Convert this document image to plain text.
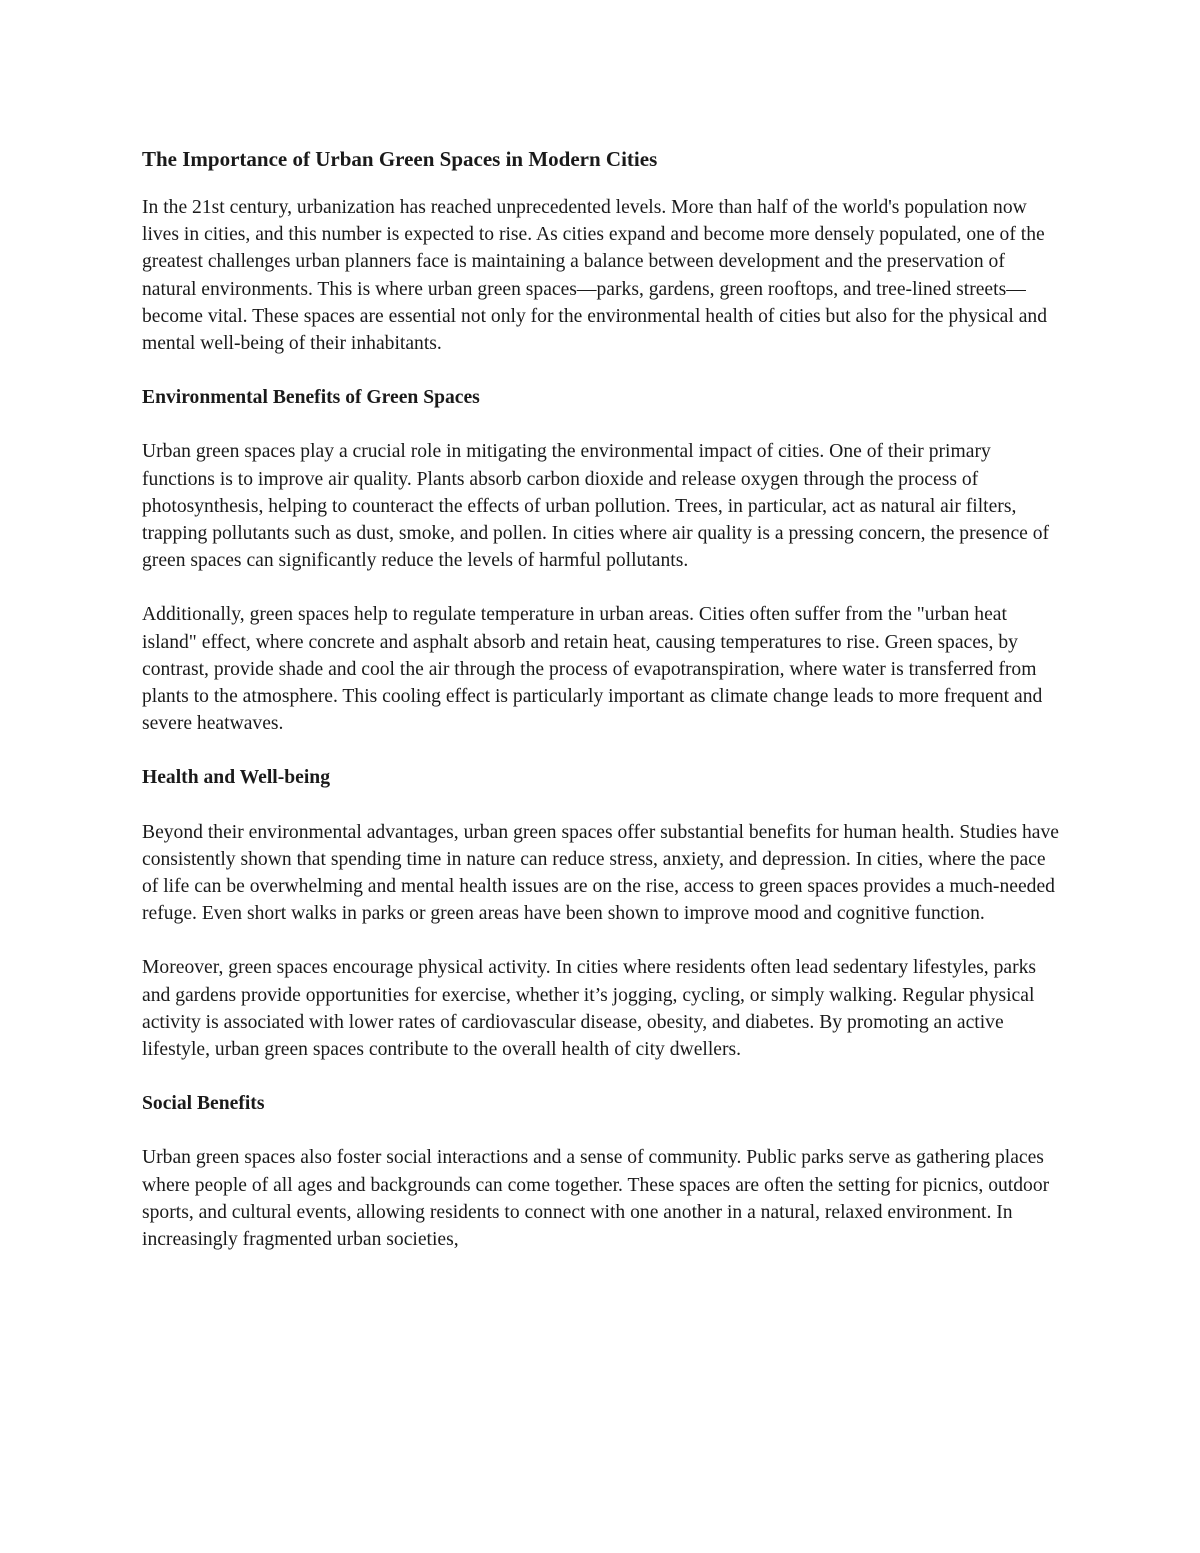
The Importance of Urban Green Spaces in Modern Cities

In the 21st century, urbanization has reached unprecedented levels. More than half of the world's population now lives in cities, and this number is expected to rise. As cities expand and become more densely populated, one of the greatest challenges urban planners face is maintaining a balance between development and the preservation of natural environments. This is where urban green spaces—parks, gardens, green rooftops, and tree-lined streets—become vital. These spaces are essential not only for the environmental health of cities but also for the physical and mental well-being of their inhabitants.

Environmental Benefits of Green Spaces

Urban green spaces play a crucial role in mitigating the environmental impact of cities. One of their primary functions is to improve air quality. Plants absorb carbon dioxide and release oxygen through the process of photosynthesis, helping to counteract the effects of urban pollution. Trees, in particular, act as natural air filters, trapping pollutants such as dust, smoke, and pollen. In cities where air quality is a pressing concern, the presence of green spaces can significantly reduce the levels of harmful pollutants.

Additionally, green spaces help to regulate temperature in urban areas. Cities often suffer from the "urban heat island" effect, where concrete and asphalt absorb and retain heat, causing temperatures to rise. Green spaces, by contrast, provide shade and cool the air through the process of evapotranspiration, where water is transferred from plants to the atmosphere. This cooling effect is particularly important as climate change leads to more frequent and severe heatwaves.

Health and Well-being

Beyond their environmental advantages, urban green spaces offer substantial benefits for human health. Studies have consistently shown that spending time in nature can reduce stress, anxiety, and depression. In cities, where the pace of life can be overwhelming and mental health issues are on the rise, access to green spaces provides a much-needed refuge. Even short walks in parks or green areas have been shown to improve mood and cognitive function.

Moreover, green spaces encourage physical activity. In cities where residents often lead sedentary lifestyles, parks and gardens provide opportunities for exercise, whether it’s jogging, cycling, or simply walking. Regular physical activity is associated with lower rates of cardiovascular disease, obesity, and diabetes. By promoting an active lifestyle, urban green spaces contribute to the overall health of city dwellers.

Social Benefits

Urban green spaces also foster social interactions and a sense of community. Public parks serve as gathering places where people of all ages and backgrounds can come together. These spaces are often the setting for picnics, outdoor sports, and cultural events, allowing residents to connect with one another in a natural, relaxed environment. In increasingly fragmented urban societies,
